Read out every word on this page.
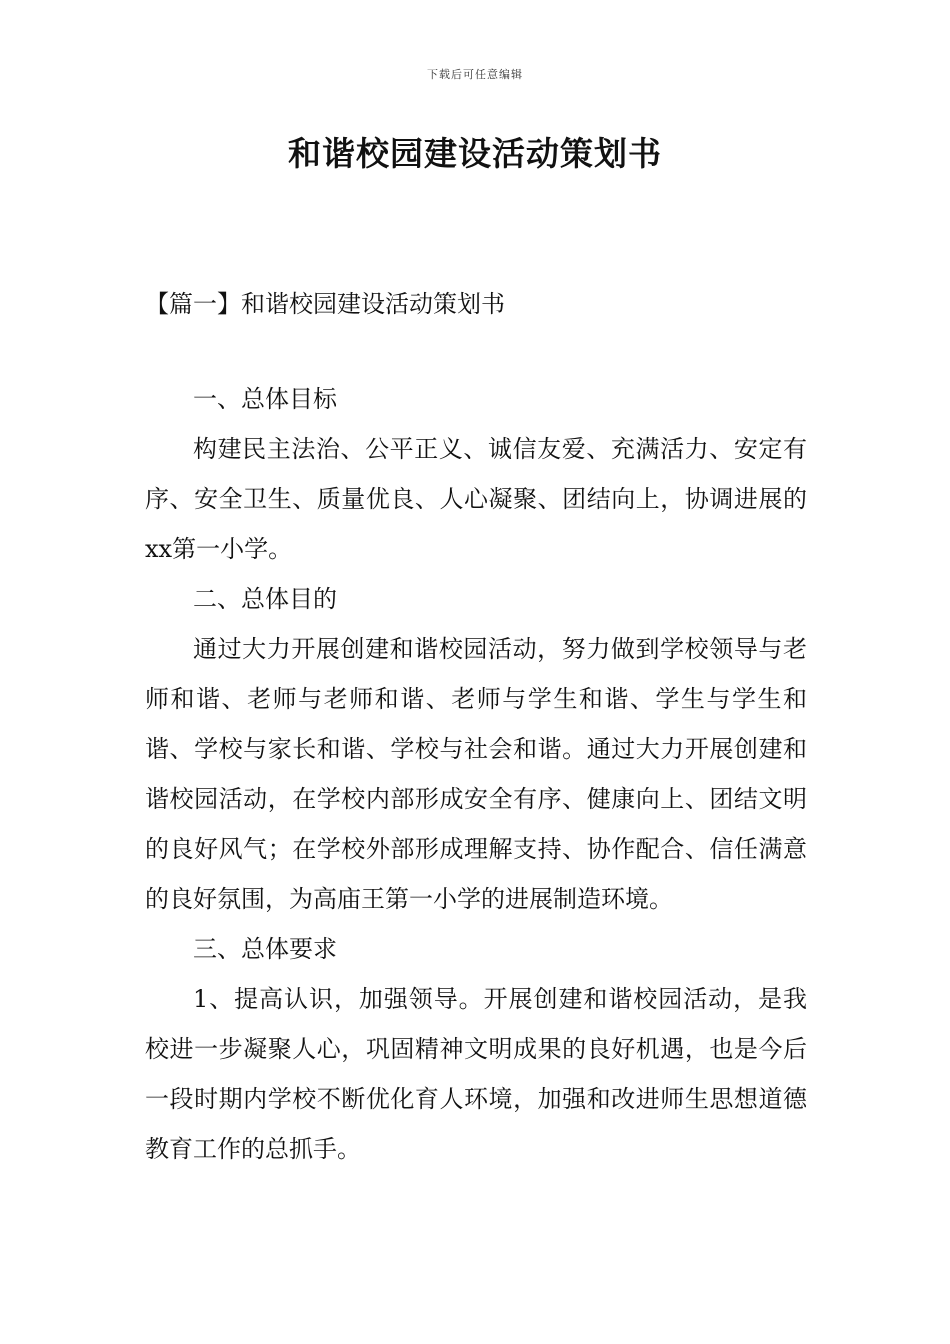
下载后可任意编辑
和谐校园建设活动策划书
【篇一】和谐校园建设活动策划书

一、总体目标

构建民主法治、公平正义、诚信友爱、充满活力、安定有序、安全卫生、质量优良、人心凝聚、团结向上，协调进展的xx第一小学。

二、总体目的

通过大力开展创建和谐校园活动，努力做到学校领导与老师和谐、老师与老师和谐、老师与学生和谐、学生与学生和谐、学校与家长和谐、学校与社会和谐。通过大力开展创建和谐校园活动，在学校内部形成安全有序、健康向上、团结文明的良好风气；在学校外部形成理解支持、协作配合、信任满意的良好氛围，为高庙王第一小学的进展制造环境。

三、总体要求

1、提高认识，加强领导。开展创建和谐校园活动，是我校进一步凝聚人心，巩固精神文明成果的良好机遇，也是今后一段时期内学校不断优化育人环境，加强和改进师生思想道德教育工作的总抓手。
